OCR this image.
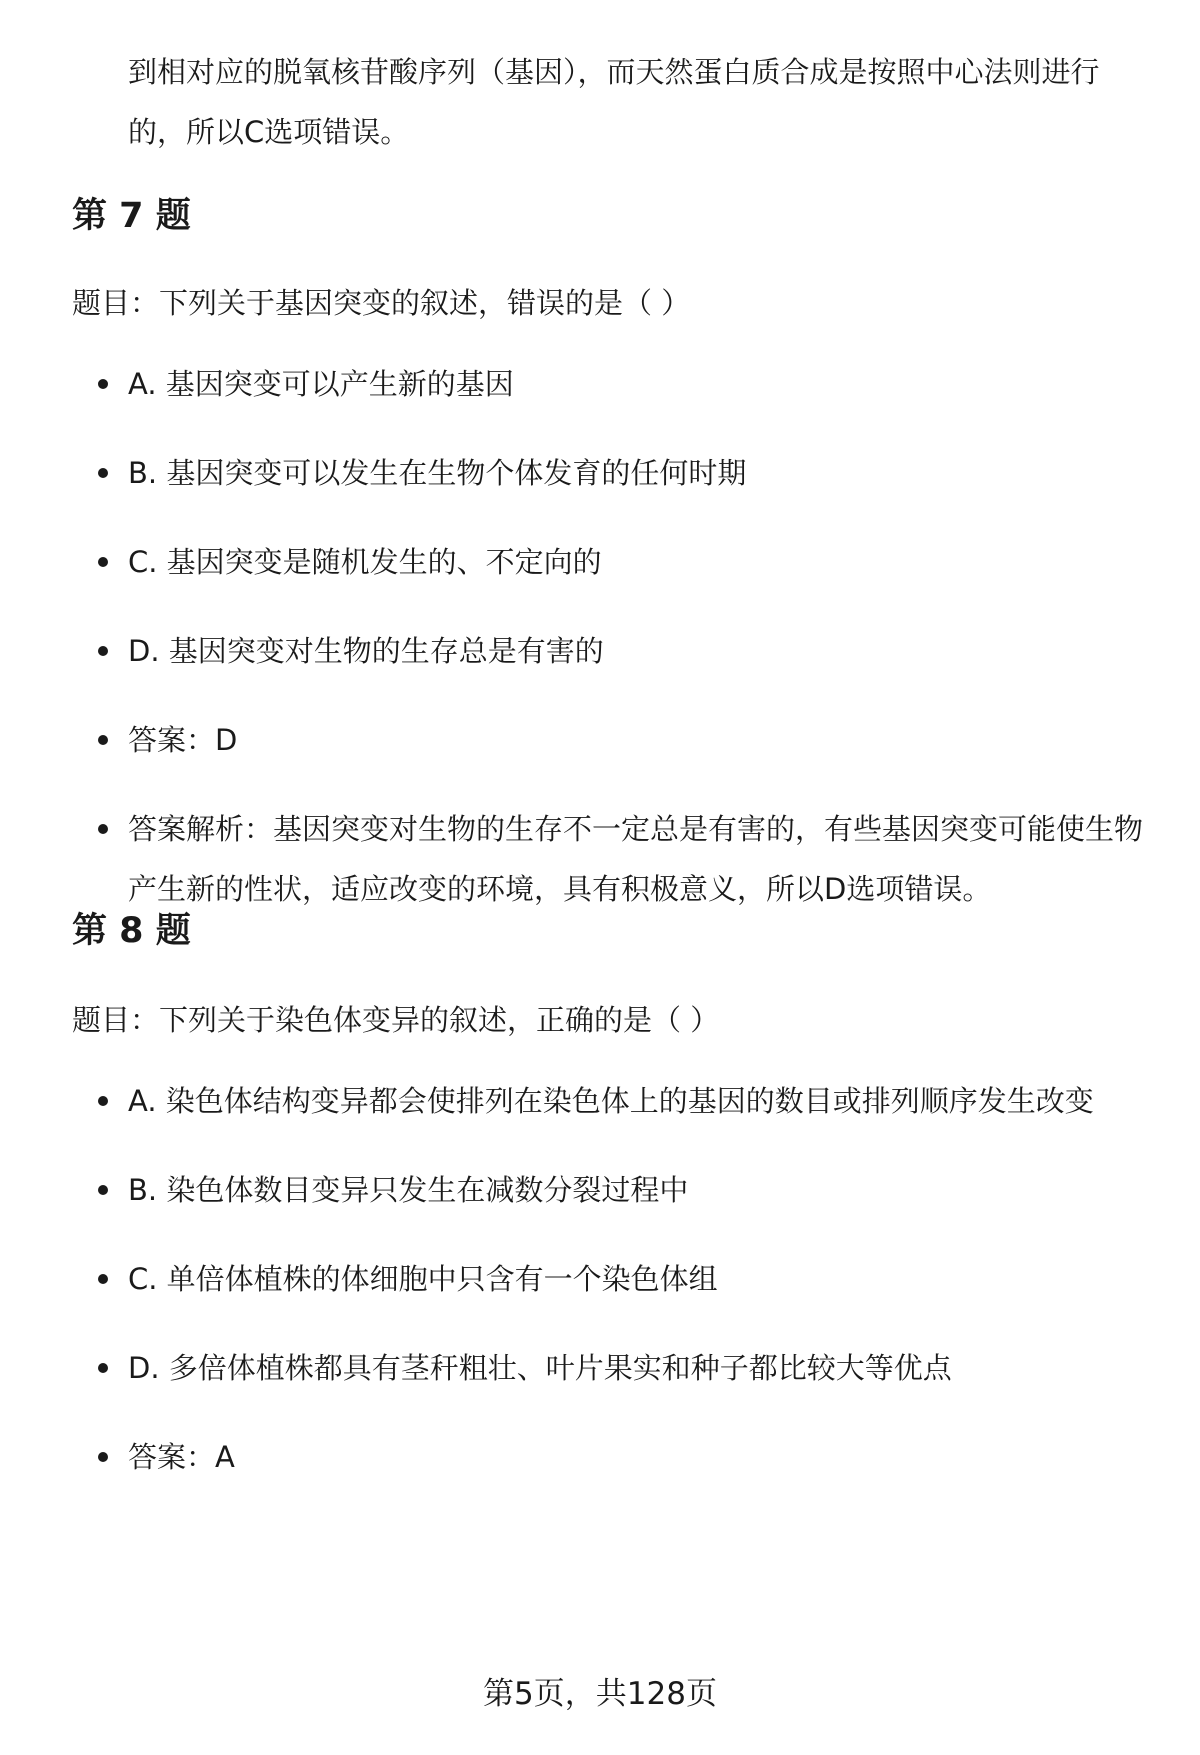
到相对应的脱氧核苷酸序列（基因），而天然蛋白质合成是按照中心法则进行的，所以C选项错误。
第 7 题
题目：下列关于基因突变的叙述，错误的是（ ）
A. 基因突变可以产生新的基因
B. 基因突变可以发生在生物个体发育的任何时期
C. 基因突变是随机发生的、不定向的
D. 基因突变对生物的生存总是有害的
答案：D
答案解析：基因突变对生物的生存不一定总是有害的，有些基因突变可能使生物产生新的性状，适应改变的环境，具有积极意义，所以D选项错误。
第 8 题
题目：下列关于染色体变异的叙述，正确的是（ ）
A. 染色体结构变异都会使排列在染色体上的基因的数目或排列顺序发生改变
B. 染色体数目变异只发生在减数分裂过程中
C. 单倍体植株的体细胞中只含有一个染色体组
D. 多倍体植株都具有茎秆粗壮、叶片果实和种子都比较大等优点
答案：A
第5页，共128页
